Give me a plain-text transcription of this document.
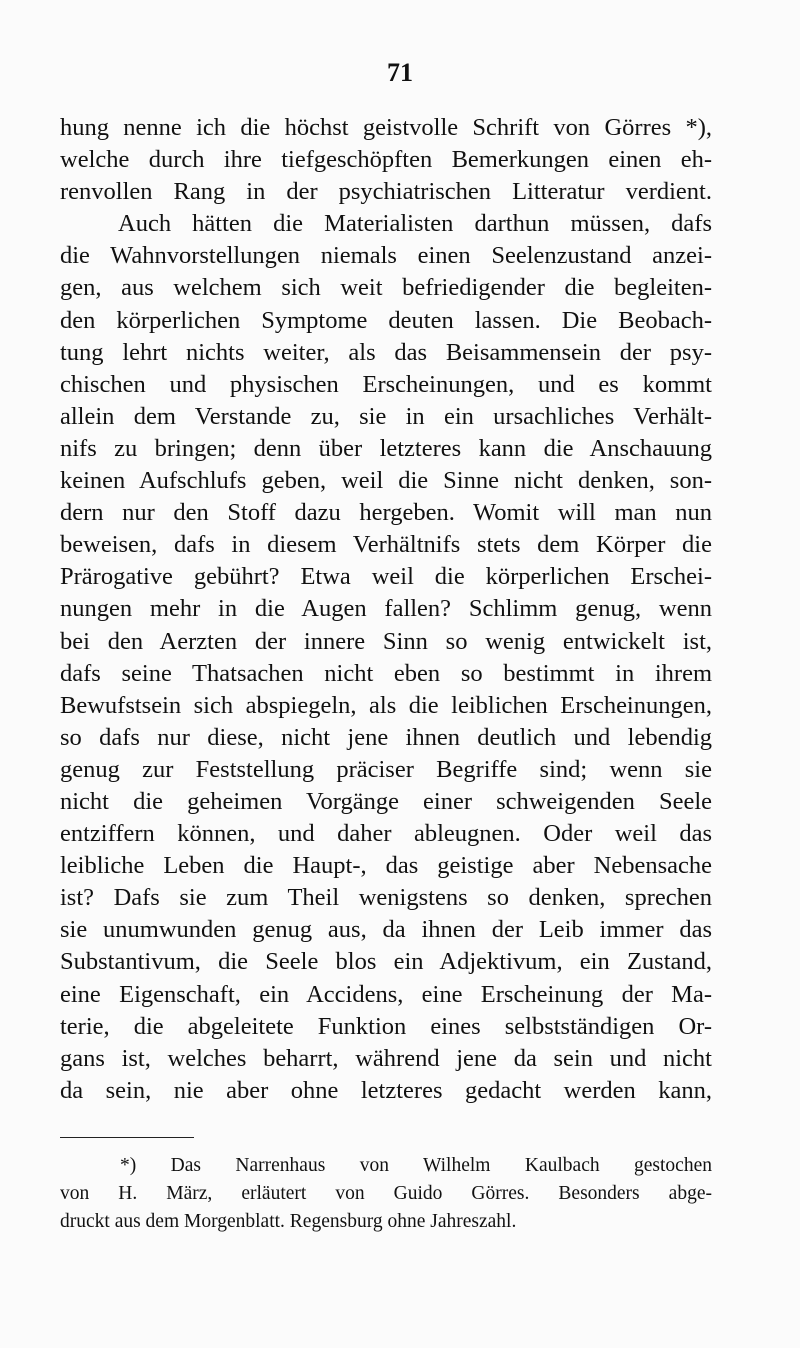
71
hung nenne ich die höchst geistvolle Schrift von Görres *),
welche durch ihre tiefgeschöpften Bemerkungen einen eh-
renvollen Rang in der psychiatrischen Litteratur verdient.
Auch hätten die Materialisten darthun müssen, dafs
die Wahnvorstellungen niemals einen Seelenzustand anzei-
gen, aus welchem sich weit befriedigender die begleiten-
den körperlichen Symptome deuten lassen. Die Beobach-
tung lehrt nichts weiter, als das Beisammensein der psy-
chischen und physischen Erscheinungen, und es kommt
allein dem Verstande zu, sie in ein ursachliches Verhält-
nifs zu bringen; denn über letzteres kann die Anschauung
keinen Aufschlufs geben, weil die Sinne nicht denken, son-
dern nur den Stoff dazu hergeben. Womit will man nun
beweisen, dafs in diesem Verhältnifs stets dem Körper die
Prärogative gebührt? Etwa weil die körperlichen Erschei-
nungen mehr in die Augen fallen? Schlimm genug, wenn
bei den Aerzten der innere Sinn so wenig entwickelt ist,
dafs seine Thatsachen nicht eben so bestimmt in ihrem
Bewufstsein sich abspiegeln, als die leiblichen Erscheinungen,
so dafs nur diese, nicht jene ihnen deutlich und lebendig
genug zur Feststellung präciser Begriffe sind; wenn sie
nicht die geheimen Vorgänge einer schweigenden Seele
entziffern können, und daher ableugnen. Oder weil das
leibliche Leben die Haupt-, das geistige aber Nebensache
ist? Dafs sie zum Theil wenigstens so denken, sprechen
sie unumwunden genug aus, da ihnen der Leib immer das
Substantivum, die Seele blos ein Adjektivum, ein Zustand,
eine Eigenschaft, ein Accidens, eine Erscheinung der Ma-
terie, die abgeleitete Funktion eines selbstständigen Or-
gans ist, welches beharrt, während jene da sein und nicht
da sein, nie aber ohne letzteres gedacht werden kann,
*) Das Narrenhaus von Wilhelm Kaulbach gestochen
von H. März, erläutert von Guido Görres. Besonders abge-
druckt aus dem Morgenblatt. Regensburg ohne Jahreszahl.
